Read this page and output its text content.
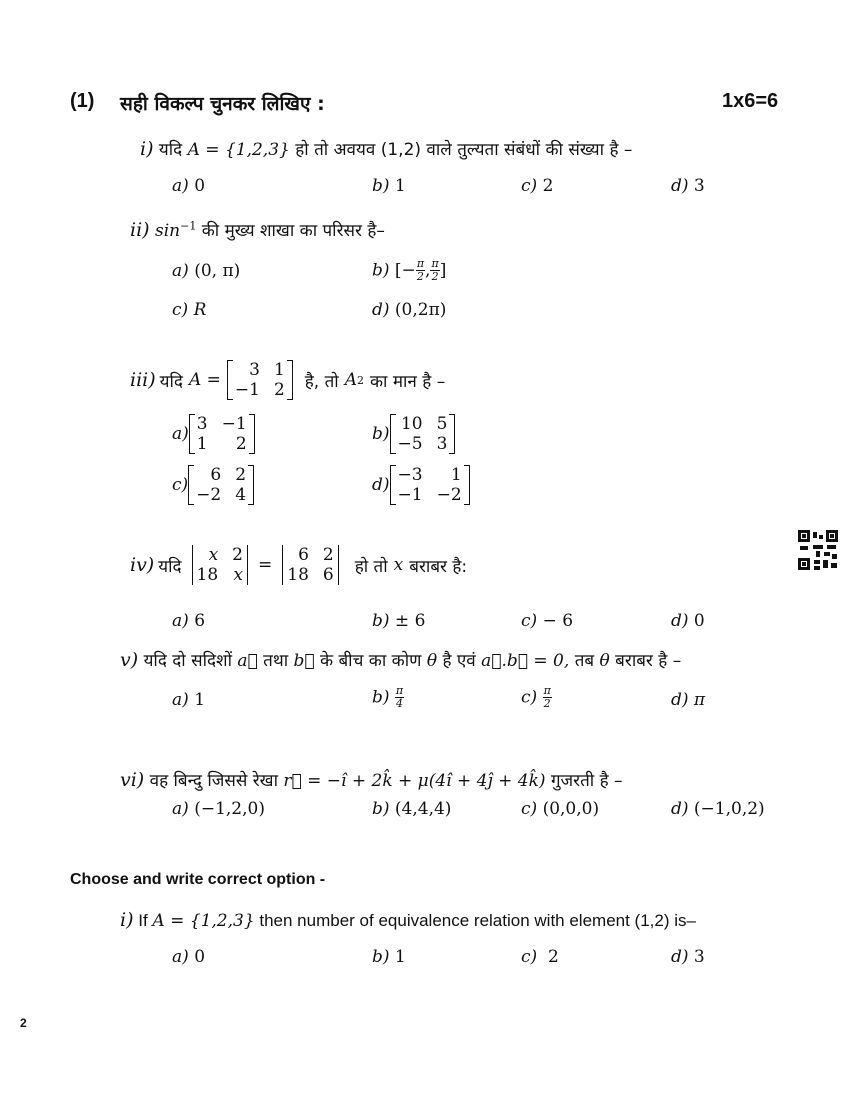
(1) सही विकल्प चुनकर लिखिए :	1x6=6
i) यदि A = {1,2,3} हो तो अवयव (1,2) वाले तुल्यता संबंधों की संख्या है –
a) 0	b) 1	c) 2	d) 3
ii) $\sin^{-1}$ की मुख्य शाखा का परिसर है–
a) (0, π)	b) [− $\frac{\pi}{2}$ , $\frac{\pi}{2}$ ]
c) R	d) (0,2π)
iii) यदि A =	3 1
−1 2 है, तो A 2 का मान है –
a) 3 −1
1	2	b) 10 5
−5 3
c)	6 2
−2 4	d) −3	1
−1 −2
iv) यदि
x 2
18 x =	6 2
18 6 हो तो x बराबर है:
a) 6	b) ± 6	c) − 6	d) 0
v) यदि दो सदिशों a⃗ तथा b⃗ के बीच का कोण θ है एवं a⃗.b⃗ = 0, तब θ बराबर है –
a) 1	$b) \frac{\pi}{4}$	$c) \frac{\pi}{2}$	d) π
vi) वह बिन्दु जिससे रेखा r⃗ = −î + 2k̂ + μ(4î + 4ĵ + 4k̂) गुजरती है –
a) (−1,2,0)	b) (4,4,4)	c) (0,0,0)	d) (−1,0,2)
Choose and write correct option -
i) If A = {1,2,3} then number of equivalence relation with element (1,2) is–
a) 0	b) 1	c) 2	d) 3
2
